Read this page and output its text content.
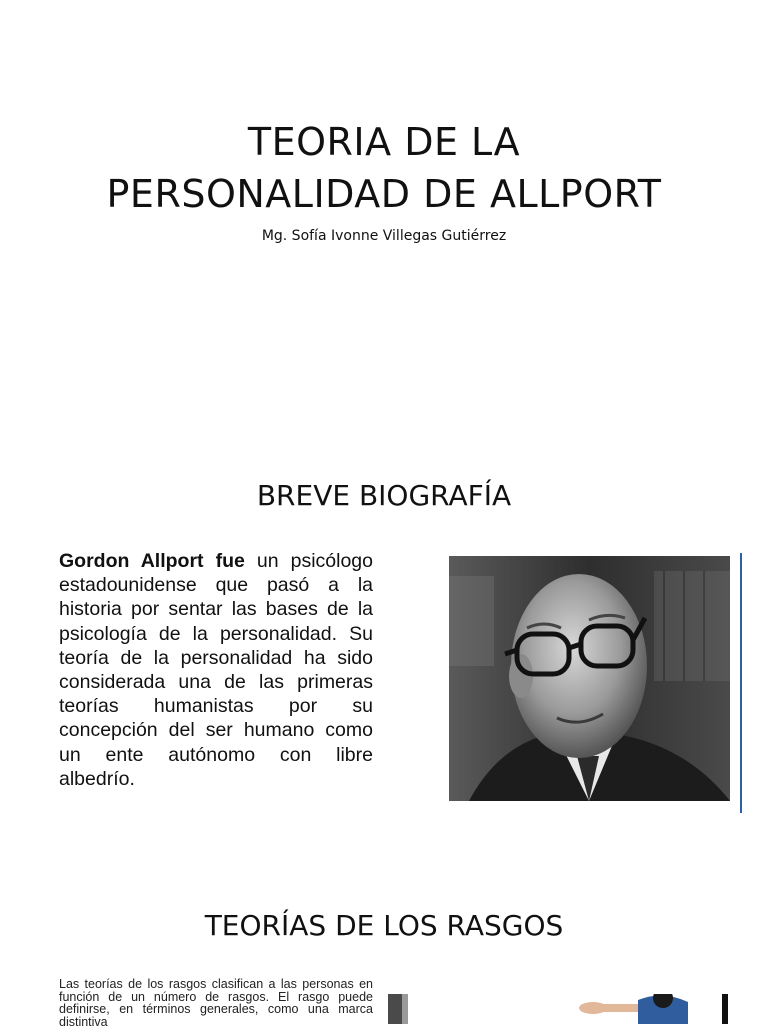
TEORIA DE LA
PERSONALIDAD DE ALLPORT
Mg. Sofía Ivonne Villegas Gutiérrez
BREVE BIOGRAFÍA
Gordon Allport fue un psicólogo estadounidense que pasó a la historia por sentar las bases de la psicología de la personalidad. Su teoría de la personalidad ha sido considerada una de las primeras teorías humanistas por su concepción del ser humano como un ente autónomo con libre albedrío.
TEORÍAS DE LOS RASGOS
Las teorías de los rasgos clasifican a las personas en función de un número de rasgos. El rasgo puede definirse, en términos generales, como una marca distintiva
